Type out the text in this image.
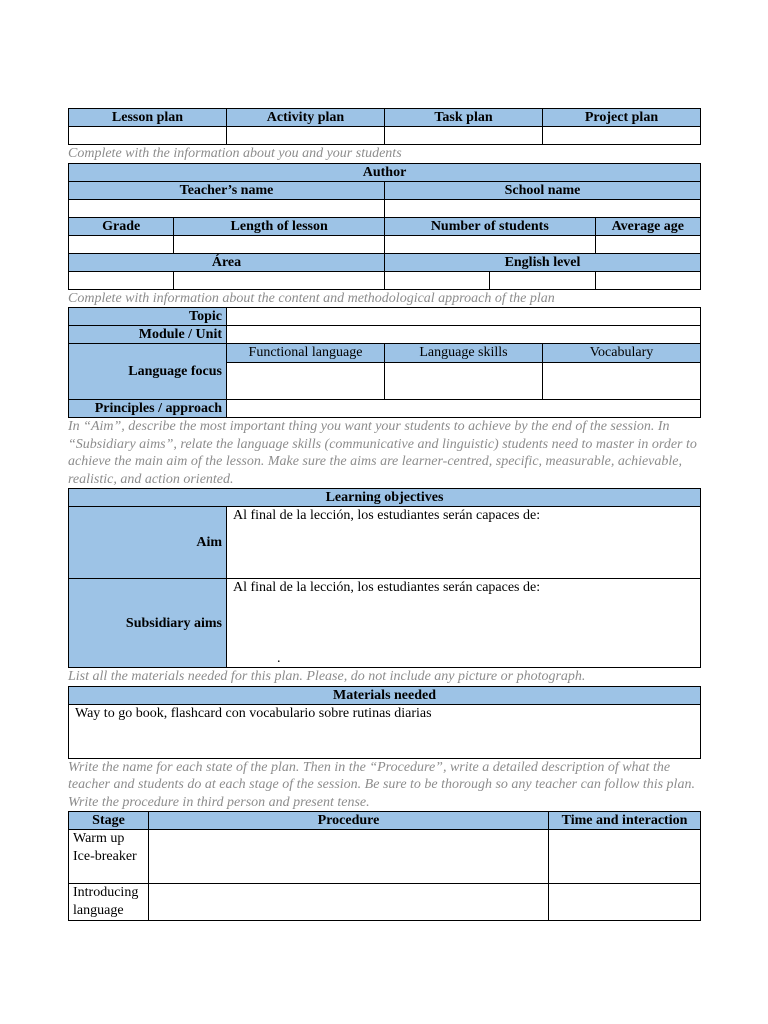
Lesson plan	Activity plan	Task plan	Project plan

Complete with the information about you and your students

Author				
Teacher’s name		School name		

Grade	Length of lesson	Number of students		Average age

Área		English level		

Complete with information about the content and methodological approach of the plan

Topic			
Module / Unit			
Language focus	Functional language	Language skills	Vocabulary

Principles / approach			

In “Aim”, describe the most important thing you want your students to achieve by the end of the session. In “Subsidiary aims”, relate the language skills (communicative and linguistic) students need to master in order to achieve the main aim of the lesson. Make sure the aims are learner-centred, specific, measurable, achievable, realistic, and action oriented.

Learning objectives	
Aim	Al final de la lección, los estudiantes serán capaces de:
Subsidiary aims	Al final de la lección, los estudiantes serán capaces de:
.

List all the materials needed for this plan. Please, do not include any picture or photograph.

Materials needed
Way to go book, flashcard con vocabulario sobre rutinas diarias

Write the name for each state of the plan. Then in the “Procedure”, write a detailed description of what the teacher and students do at each stage of the session. Be sure to be thorough so any teacher can follow this plan. Write the procedure in third person and present tense.

Stage	Procedure	Time and interaction
Warm up Ice-breaker		
Introducing language		
